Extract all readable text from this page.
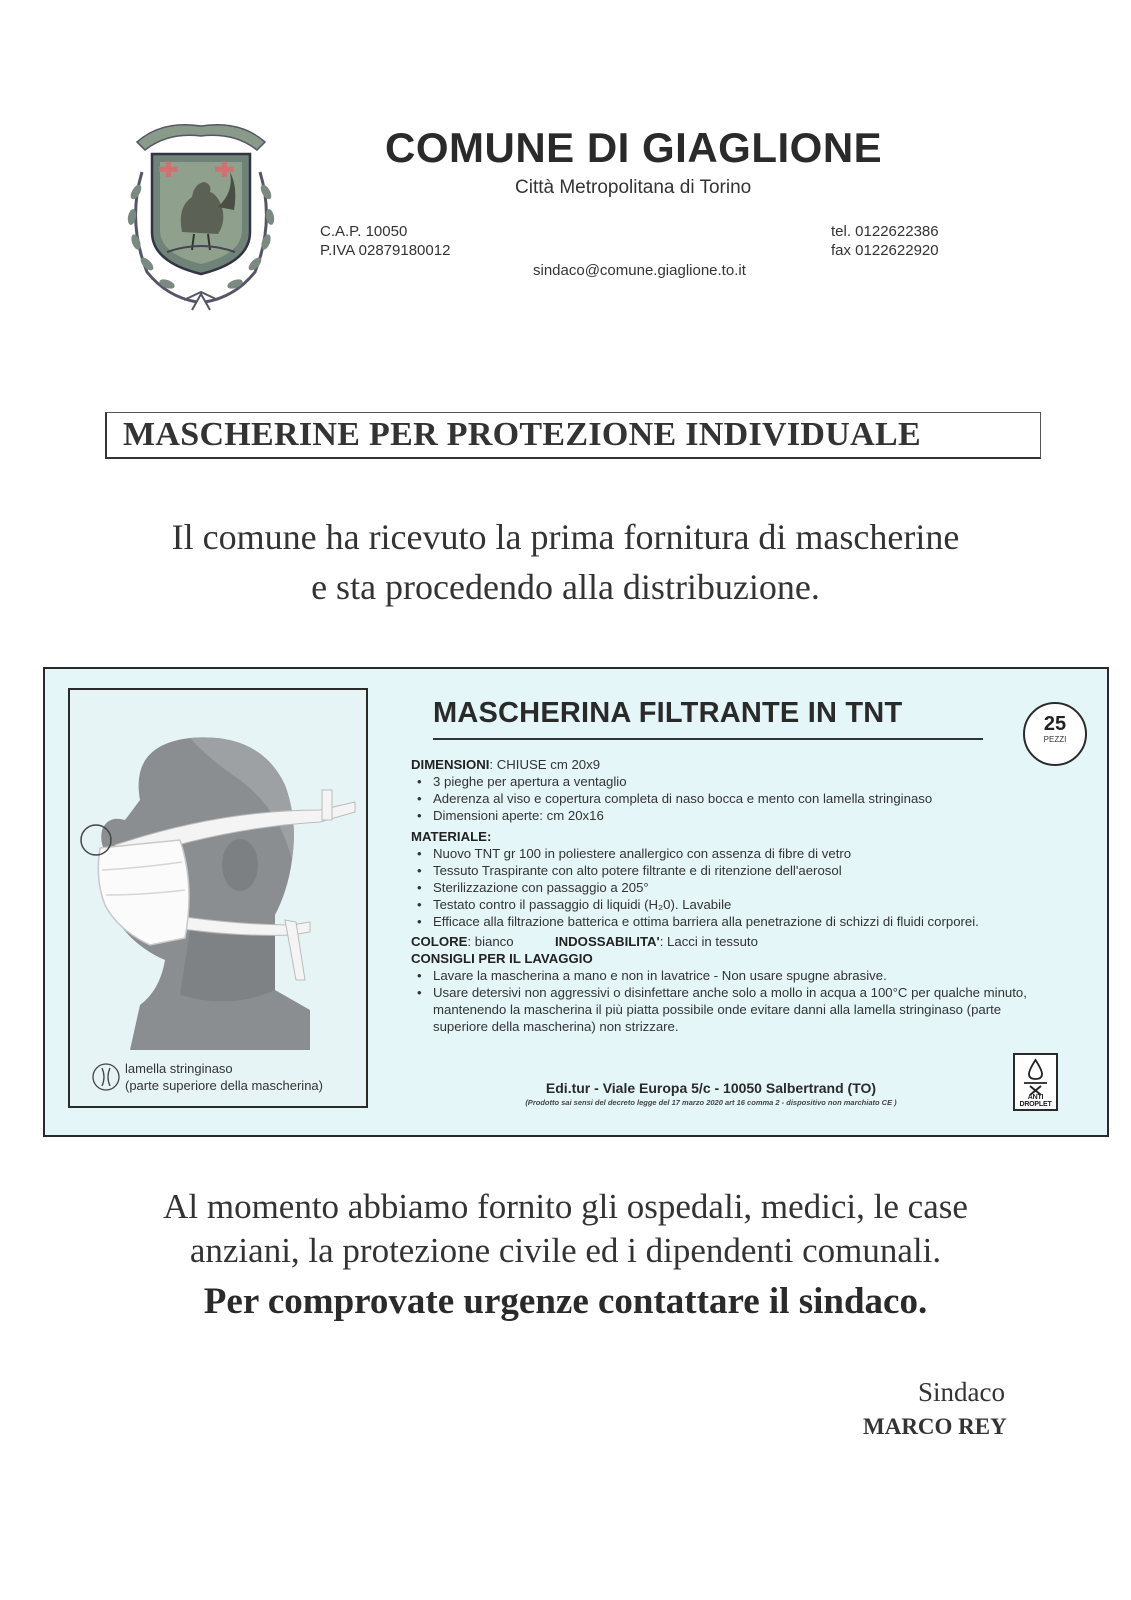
COMUNE DI GIAGLIONE
Città Metropolitana di Torino
C.A.P. 10050
P.IVA 02879180012
tel. 0122622386
fax 0122622920
sindaco@comune.giaglione.to.it
MASCHERINE PER PROTEZIONE INDIVIDUALE
Il comune ha ricevuto la prima fornitura di mascherine
e sta procedendo alla distribuzione.
lamella stringinaso
(parte superiore della mascherina)
MASCHERINA FILTRANTE IN TNT	25
PEZZI
DIMENSIONI: CHIUSE cm 20x9
• 3 pieghe per apertura a ventaglio
• Aderenza al viso e copertura completa di naso bocca e mento con lamella stringinaso
• Dimensioni aperte: cm 20x16
MATERIALE:
• Nuovo TNT gr 100 in poliestere anallergico con assenza di fibre di vetro
• Tessuto Traspirante con alto potere filtrante e di ritenzione dell'aerosol
• Sterilizzazione con passaggio a 205°
• Testato contro il passaggio di liquidi (H₂0). Lavabile
• Efficace alla filtrazione batterica e ottima barriera alla penetrazione di schizzi di fluidi corporei.
COLORE: bianco	INDOSSABILITA': Lacci in tessuto
CONSIGLI PER IL LAVAGGIO
• Lavare la mascherina a mano e non in lavatrice - Non usare spugne abrasive.
• Usare detersivi non aggressivi o disinfettare anche solo a mollo in acqua a 100°C per qualche minuto, mantenendo la mascherina il più piatta possibile onde evitare danni alla lamella stringinaso (parte superiore della mascherina) non strizzare.
Edi.tur - Viale Europa 5/c - 10050 Salbertrand (TO)
(Prodotto sai sensi del decreto legge del 17 marzo 2020 art 16 comma 2 - dispositivo non marchiato CE )
ANTI DROPLET
Al momento abbiamo fornito gli ospedali, medici, le case
anziani, la protezione civile ed i dipendenti comunali.
Per comprovate urgenze contattare il sindaco.
Sindaco
MARCO REY
